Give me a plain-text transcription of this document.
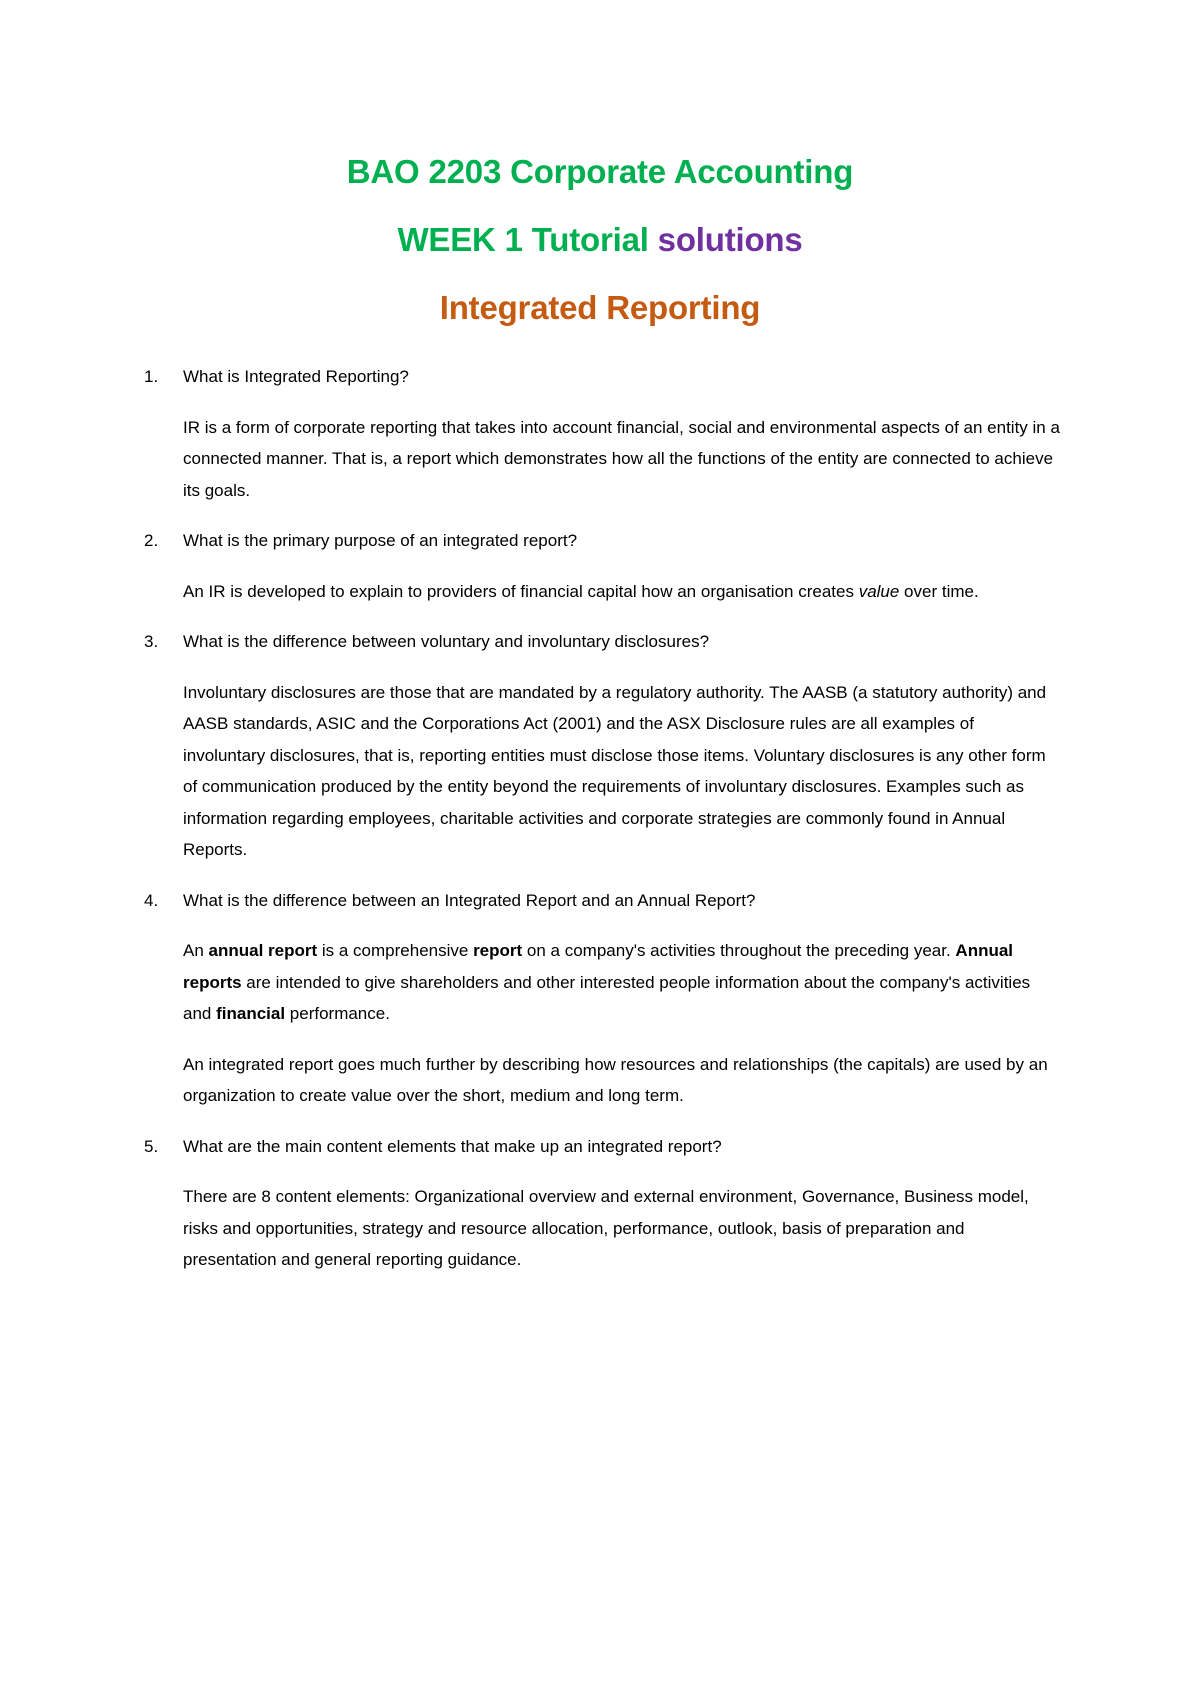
BAO 2203 Corporate Accounting
WEEK 1 Tutorial solutions
Integrated Reporting
1. What is Integrated Reporting?
IR is a form of corporate reporting that takes into account financial, social and environmental aspects of an entity in a connected manner. That is, a report which demonstrates how all the functions of the entity are connected to achieve its goals.
2. What is the primary purpose of an integrated report?
An IR is developed to explain to providers of financial capital how an organisation creates value over time.
3. What is the difference between voluntary and involuntary disclosures?
Involuntary disclosures are those that are mandated by a regulatory authority. The AASB (a statutory authority) and AASB standards, ASIC and the Corporations Act (2001) and the ASX Disclosure rules are all examples of involuntary disclosures, that is, reporting entities must disclose those items. Voluntary disclosures is any other form of communication produced by the entity beyond the requirements of involuntary disclosures. Examples such as information regarding employees, charitable activities and corporate strategies are commonly found in Annual Reports.
4. What is the difference between an Integrated Report and an Annual Report?
An annual report is a comprehensive report on a company's activities throughout the preceding year. Annual reports are intended to give shareholders and other interested people information about the company's activities and financial performance.
An integrated report goes much further by describing how resources and relationships (the capitals) are used by an organization to create value over the short, medium and long term.
5. What are the main content elements that make up an integrated report?
There are 8 content elements: Organizational overview and external environment, Governance, Business model, risks and opportunities, strategy and resource allocation, performance, outlook, basis of preparation and presentation and general reporting guidance.
